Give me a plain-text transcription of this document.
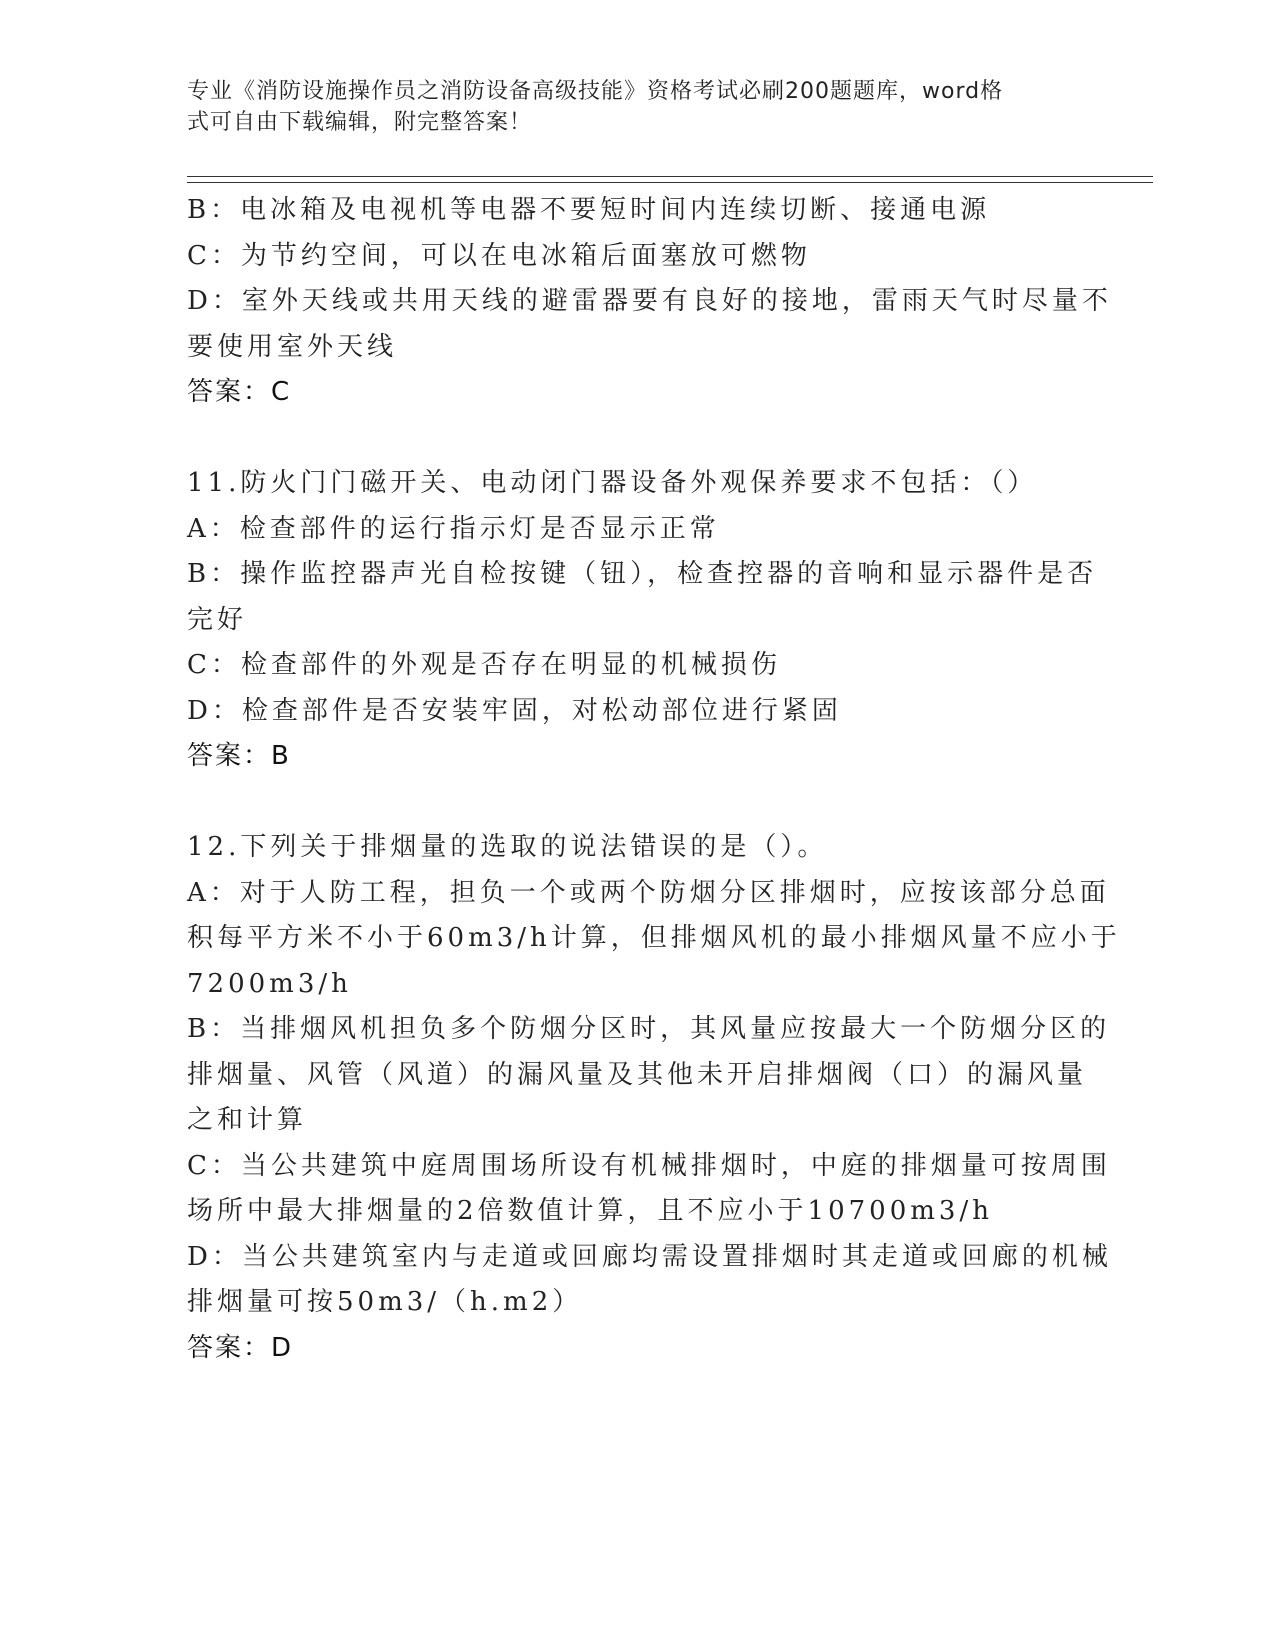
专业《消防设施操作员之消防设备高级技能》资格考试必刷200题题库，word格
式可自由下载编辑，附完整答案！
B：电冰箱及电视机等电器不要短时间内连续切断、接通电源
C：为节约空间，可以在电冰箱后面塞放可燃物
D：室外天线或共用天线的避雷器要有良好的接地，雷雨天气时尽量不
要使用室外天线
答案：C
11.防火门门磁开关、电动闭门器设备外观保养要求不包括：（）
A：检查部件的运行指示灯是否显示正常
B：操作监控器声光自检按键（钮），检查控器的音响和显示器件是否
完好
C：检查部件的外观是否存在明显的机械损伤
D：检查部件是否安装牢固，对松动部位进行紧固
答案：B
12.下列关于排烟量的选取的说法错误的是（）。
A：对于人防工程，担负一个或两个防烟分区排烟时，应按该部分总面
积每平方米不小于60m3/h计算，但排烟风机的最小排烟风量不应小于
7200m3/h
B：当排烟风机担负多个防烟分区时，其风量应按最大一个防烟分区的
排烟量、风管（风道）的漏风量及其他未开启排烟阀（口）的漏风量
之和计算
C：当公共建筑中庭周围场所设有机械排烟时，中庭的排烟量可按周围
场所中最大排烟量的2倍数值计算，且不应小于10700m3/h
D：当公共建筑室内与走道或回廊均需设置排烟时其走道或回廊的机械
排烟量可按50m3/（h.m2）
答案：D
